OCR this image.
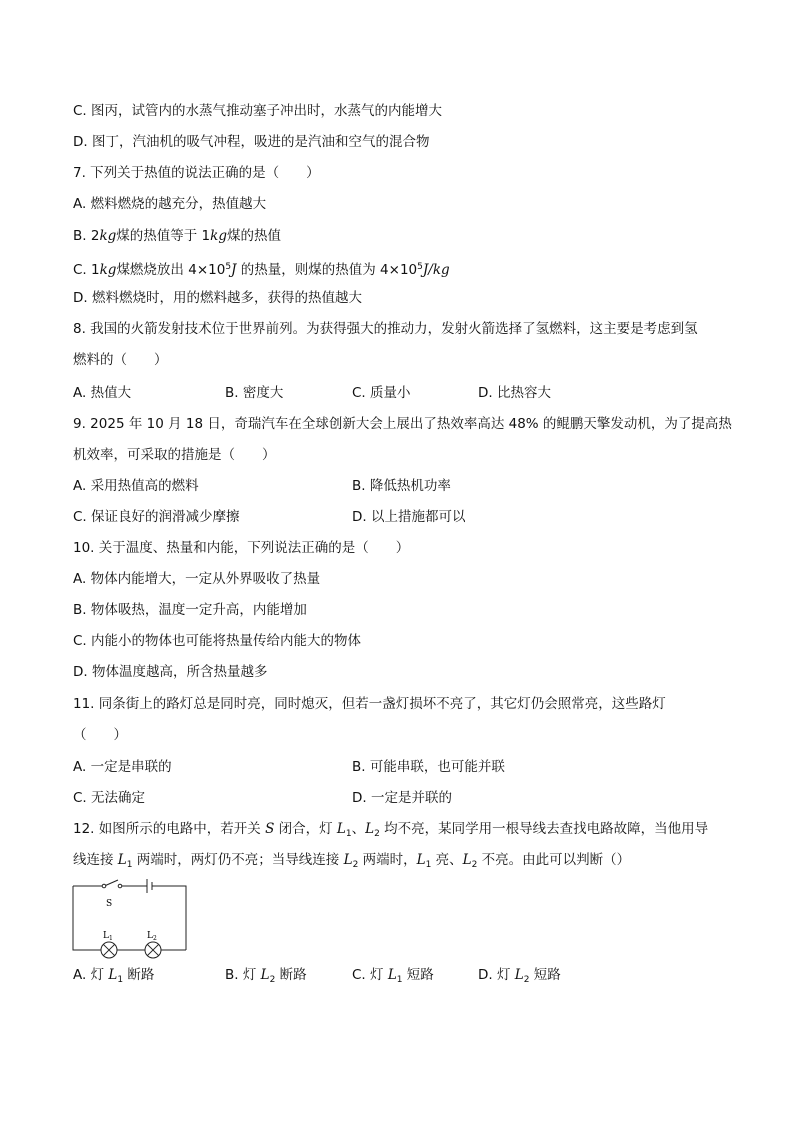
C. 图丙，试管内的水蒸气推动塞子冲出时，水蒸气的内能增大
D. 图丁，汽油机的吸气冲程，吸进的是汽油和空气的混合物
7. 下列关于热值的说法正确的是（　　）
A. 燃料燃烧的越充分，热值越大
B. 2kg煤的热值等于 1kg煤的热值
C. 1kg煤燃烧放出 $4\times 10^5J$ 的热量，则煤的热值为 $4\times 10^5J/kg$
D. 燃料燃烧时，用的燃料越多，获得的热值越大
8. 我国的火箭发射技术位于世界前列。为获得强大的推动力，发射火箭选择了氢燃料，这主要是考虑到氢
燃料的（　　）
A. 热值大	B. 密度大	C. 质量小	D. 比热容大
9. 2025 年 10 月 18 日，奇瑞汽车在全球创新大会上展出了热效率高达 48% 的鲲鹏天擎发动机，为了提高热
机效率，可采取的措施是（　　）
A. 采用热值高的燃料	B. 降低热机功率
C. 保证良好的润滑减少摩擦	D. 以上措施都可以
10. 关于温度、热量和内能，下列说法正确的是（　　）
A. 物体内能增大，一定从外界吸收了热量
B. 物体吸热，温度一定升高，内能增加
C. 内能小的物体也可能将热量传给内能大的物体
D. 物体温度越高，所含热量越多
11. 同条街上的路灯总是同时亮，同时熄灭，但若一盏灯损坏不亮了，其它灯仍会照常亮，这些路灯
（　　）
A. 一定是串联的	B. 可能串联，也可能并联
C. 无法确定	D. 一定是并联的
12. 如图所示的电路中，若开关 S 闭合，灯 $L_1$、$L_2$ 均不亮，某同学用一根导线去查找电路故障，当他用导
线连接 $L_1$ 两端时，两灯仍不亮；当导线连接 $L_2$ 两端时，$L_1$ 亮、$L_2$ 不亮。由此可以判断（）
S
$L_1$	$L_2$
A. 灯 $L_1$ 断路	B. 灯 $L_2$ 断路	C. 灯 $L_1$ 短路	D. 灯 $L_2$ 短路
